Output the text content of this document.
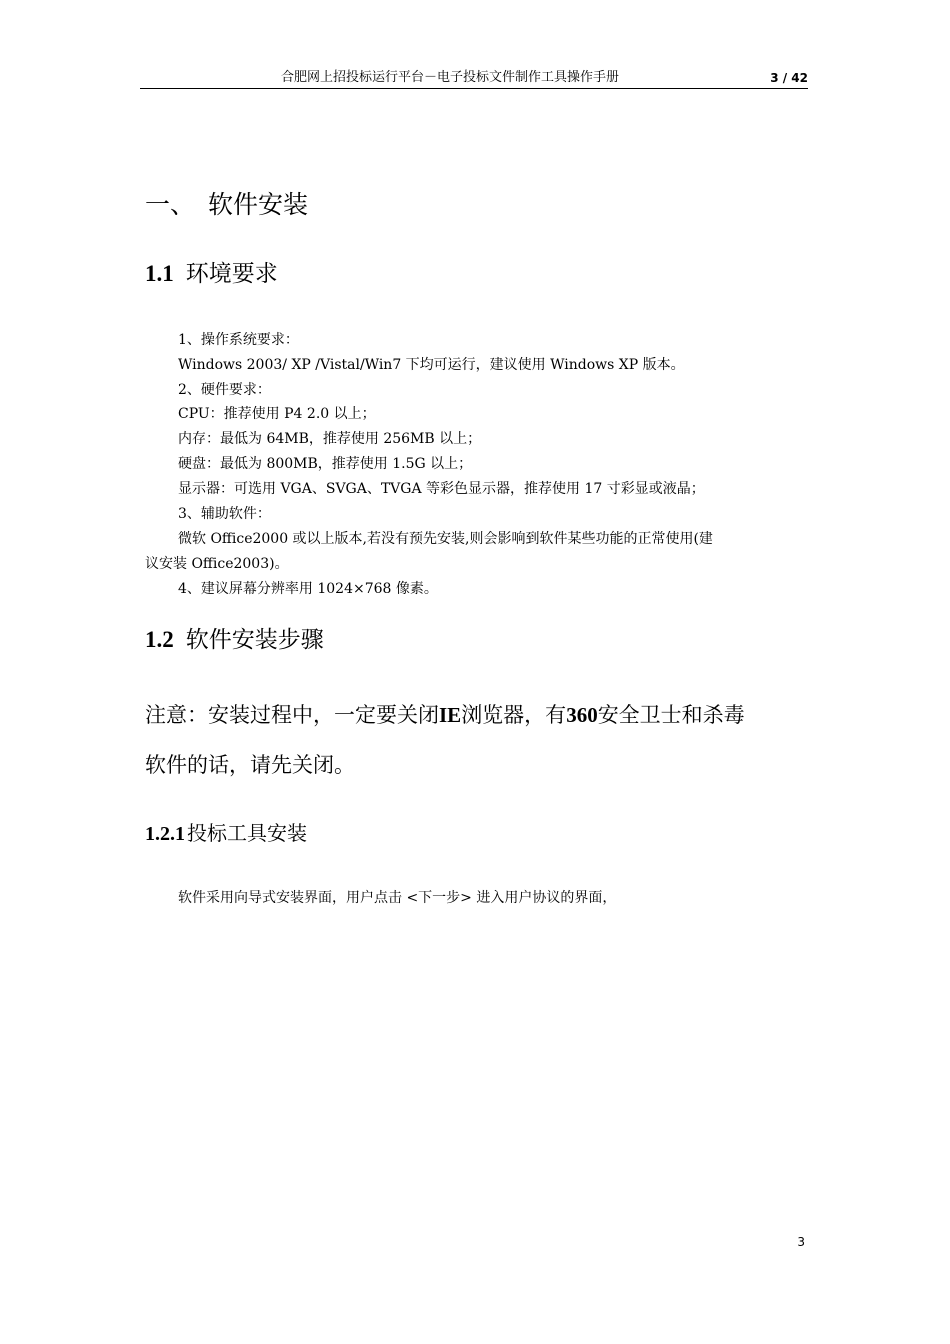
合肥网上招投标运行平台－电子投标文件制作工具操作手册	3 / 42
一、 软件安装
1.1 环境要求
1、操作系统要求：
Windows 2003/ XP /Vistal/Win7 下均可运行，建议使用 Windows XP 版本。
2、硬件要求：
CPU：推荐使用 P4 2.0 以上；
内存：最低为 64MB，推荐使用 256MB 以上；
硬盘：最低为 800MB，推荐使用 1.5G 以上；
显示器：可选用 VGA、SVGA、TVGA 等彩色显示器，推荐使用 17 寸彩显或液晶；
3、辅助软件：
微软 Office2000 或以上版本,若没有预先安装,则会影响到软件某些功能的正常使用(建
议安装 Office2003)。
4、建议屏幕分辨率用 1024×768 像素。
1.2 软件安装步骤
注意：安装过程中，一定要关闭IE浏览器，有360安全卫士和杀毒
软件的话，请先关闭。
1.2.1 投标工具安装
软件采用向导式安装界面，用户点击 <下一步> 进入用户协议的界面，
3
